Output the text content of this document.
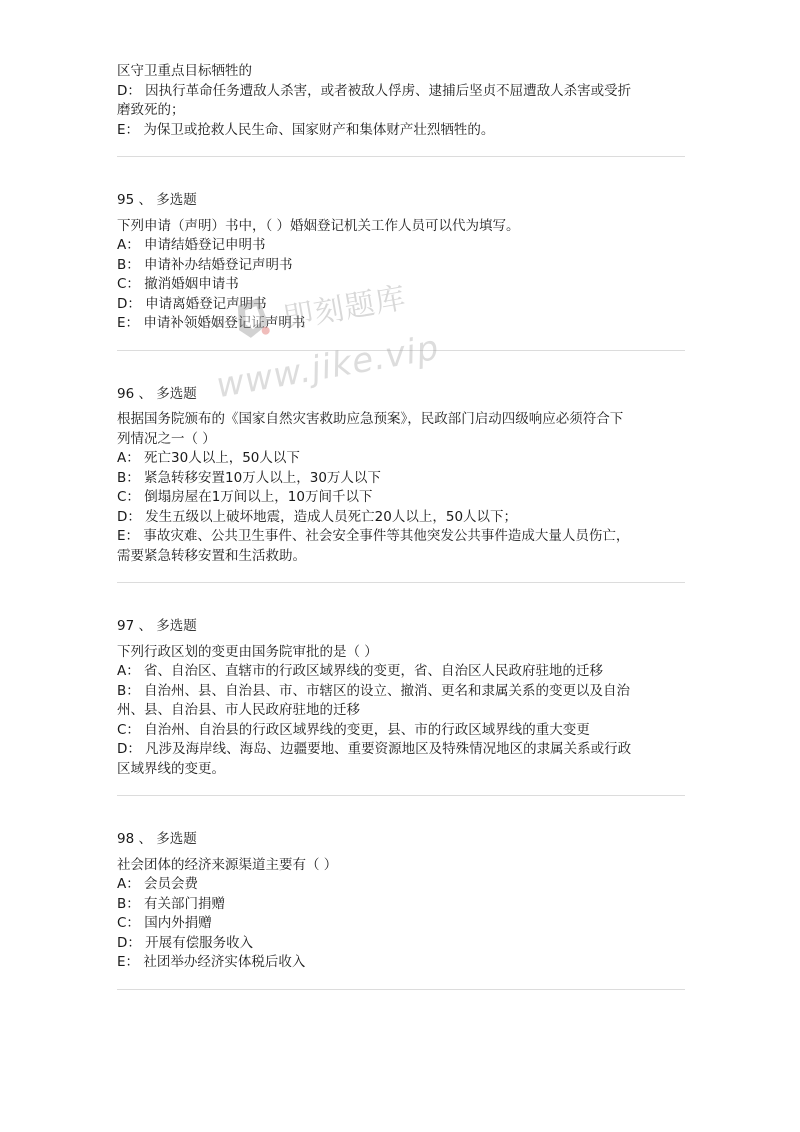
区守卫重点目标牺牲的
D： 因执行革命任务遭敌人杀害，或者被敌人俘虏、逮捕后坚贞不屈遭敌人杀害或受折
磨致死的；
E： 为保卫或抢救人民生命、国家财产和集体财产壮烈牺牲的。
95 、 多选题
下列申请（声明）书中，（ ）婚姻登记机关工作人员可以代为填写。
A： 申请结婚登记申明书
B： 申请补办结婚登记声明书
C： 撤消婚姻申请书
D： 申请离婚登记声明书
E： 申请补领婚姻登记证声明书
96 、 多选题
根据国务院颁布的《国家自然灾害救助应急预案》，民政部门启动四级响应必须符合下
列情况之一（ ）
A： 死亡30人以上，50人以下
B： 紧急转移安置10万人以上，30万人以下
C： 倒塌房屋在1万间以上，10万间千以下
D： 发生五级以上破坏地震，造成人员死亡20人以上，50人以下；
E： 事故灾难、公共卫生事件、社会安全事件等其他突发公共事件造成大量人员伤亡，
需要紧急转移安置和生活救助。
97 、 多选题
下列行政区划的变更由国务院审批的是（ ）
A： 省、自治区、直辖市的行政区域界线的变更，省、自治区人民政府驻地的迁移
B： 自治州、县、自治县、市、市辖区的设立、撤消、更名和隶属关系的变更以及自治
州、县、自治县、市人民政府驻地的迁移
C： 自治州、自治县的行政区域界线的变更，县、市的行政区域界线的重大变更
D： 凡涉及海岸线、海岛、边疆要地、重要资源地区及特殊情况地区的隶属关系或行政
区域界线的变更。
98 、 多选题
社会团体的经济来源渠道主要有（ ）
A： 会员会费
B： 有关部门捐赠
C： 国内外捐赠
D： 开展有偿服务收入
E： 社团举办经济实体税后收入
即刻题库
www.jike.vip
